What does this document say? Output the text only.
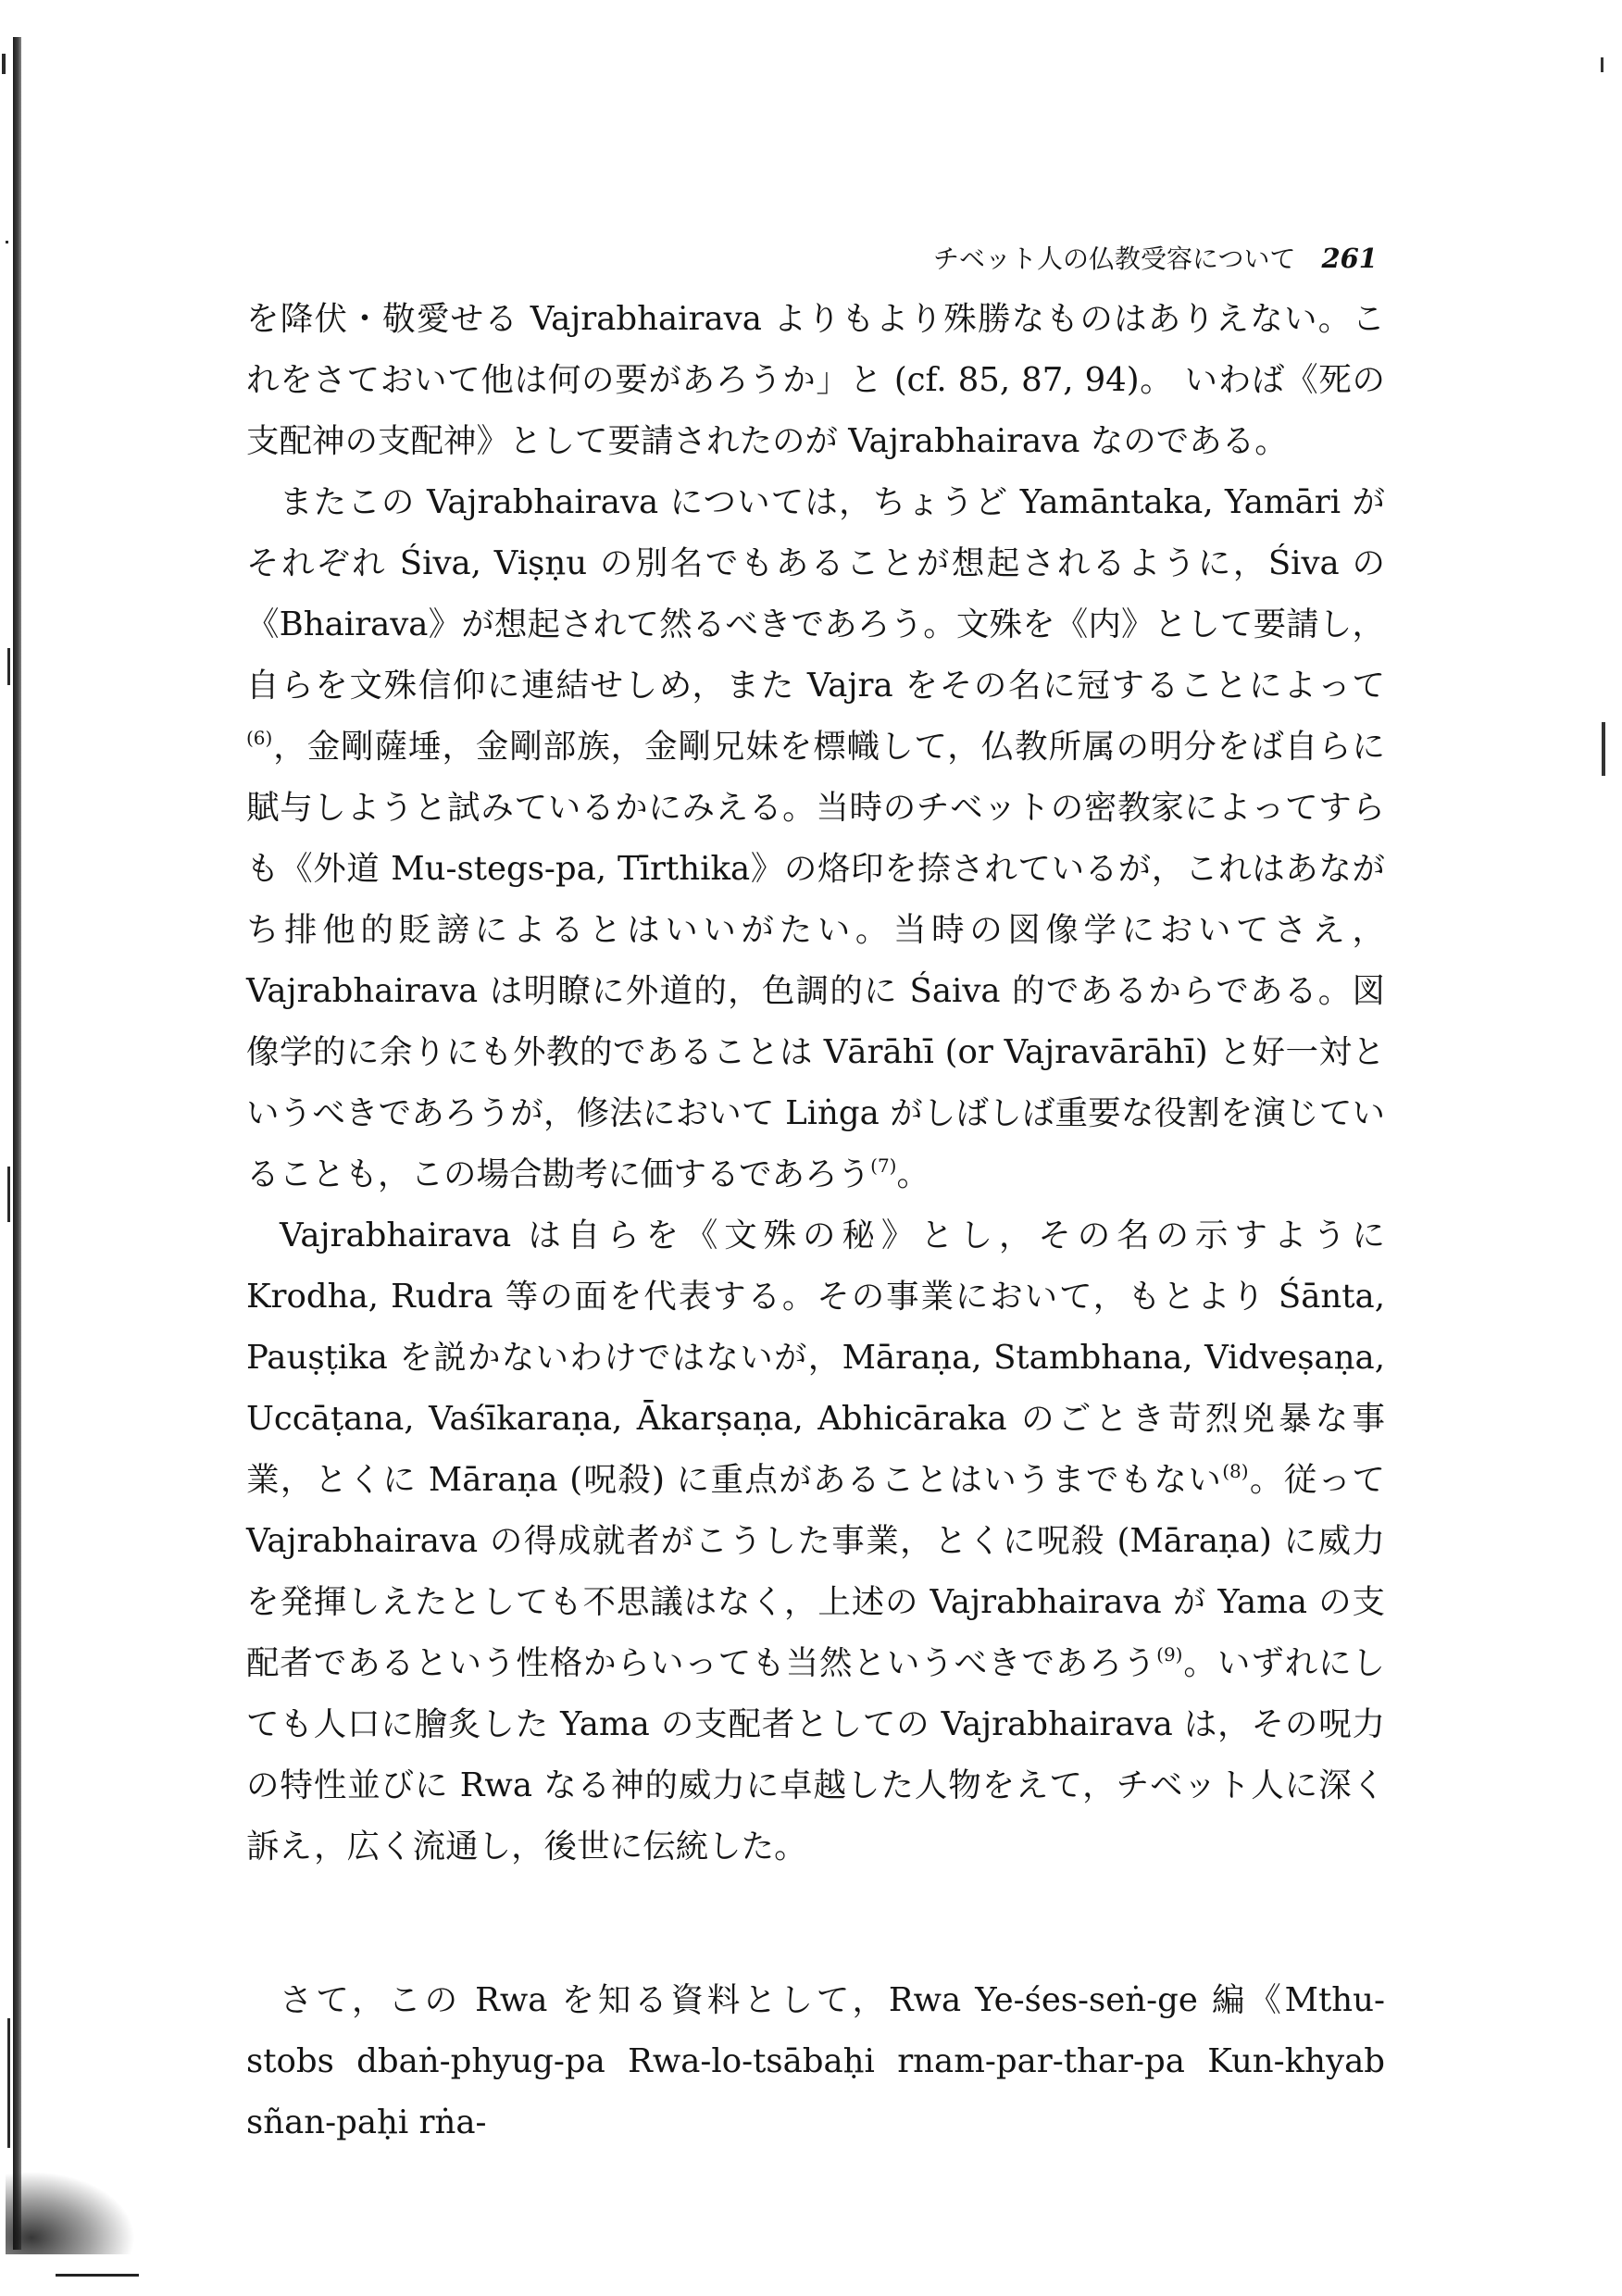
チベット人の仏教受容について 261

を降伏・敬愛せる Vajrabhairava よりもより殊勝なものはありえない。これをさておいて他は何の要があろうか」と (cf. 85, 87, 94)。 いわば《死の支配神の支配神》として要請されたのが Vajrabhairava なのである。

またこの Vajrabhairava については，ちょうど Yamāntaka, Yamāri がそれぞれ Śiva, Viṣṇu の別名でもあることが想起されるように，Śiva の《Bhairava》が想起されて然るべきであろう。文殊を《内》として要請し，自らを文殊信仰に連結せしめ，また Vajra をその名に冠することによって$^{(6)}$，金剛薩埵，金剛部族，金剛兄妹を標幟して，仏教所属の明分をば自らに賦与しようと試みているかにみえる。当時のチベットの密教家によってすらも《外道 Mu-stegs-pa, Tīrthika》の烙印を捺されているが，これはあながち排他的貶謗によるとはいいがたい。当時の図像学においてさえ，Vajrabhairava は明瞭に外道的，色調的に Śaiva 的であるからである。図像学的に余りにも外教的であることは Vārāhī (or Vajravārāhī) と好一対というべきであろうが，修法において Liṅga がしばしば重要な役割を演じていることも，この場合勘考に価するであろう$^{(7)}$。

Vajrabhairava は自らを《文殊の秘》とし，その名の示すように Krodha, Rudra 等の面を代表する。その事業において，もとより Śānta, Pauṣṭika を説かないわけではないが，Māraṇa, Stambhana, Vidveṣaṇa, Uccāṭana, Vaśīkaraṇa, Ākarṣaṇa, Abhicāraka のごとき苛烈兇暴な事業，とくに Māraṇa (呪殺) に重点があることはいうまでもない$^{(8)}$。従って Vajrabhairava の得成就者がこうした事業，とくに呪殺 (Māraṇa) に威力を発揮しえたとしても不思議はなく，上述の Vajrabhairava が Yama の支配者であるという性格からいっても当然というべきであろう$^{(9)}$。いずれにしても人口に膾炙した Yama の支配者としての Vajrabhairava は，その呪力の特性並びに Rwa なる神的威力に卓越した人物をえて，チベット人に深く訴え，広く流通し，後世に伝統した。

さて，この Rwa を知る資料として，Rwa Ye-śes-seṅ-ge 編《Mthu-stobs dbaṅ-phyug-pa Rwa-lo-tsābaḥi rnam-par-thar-pa Kun-khyab sñan-paḥi rṅa-
